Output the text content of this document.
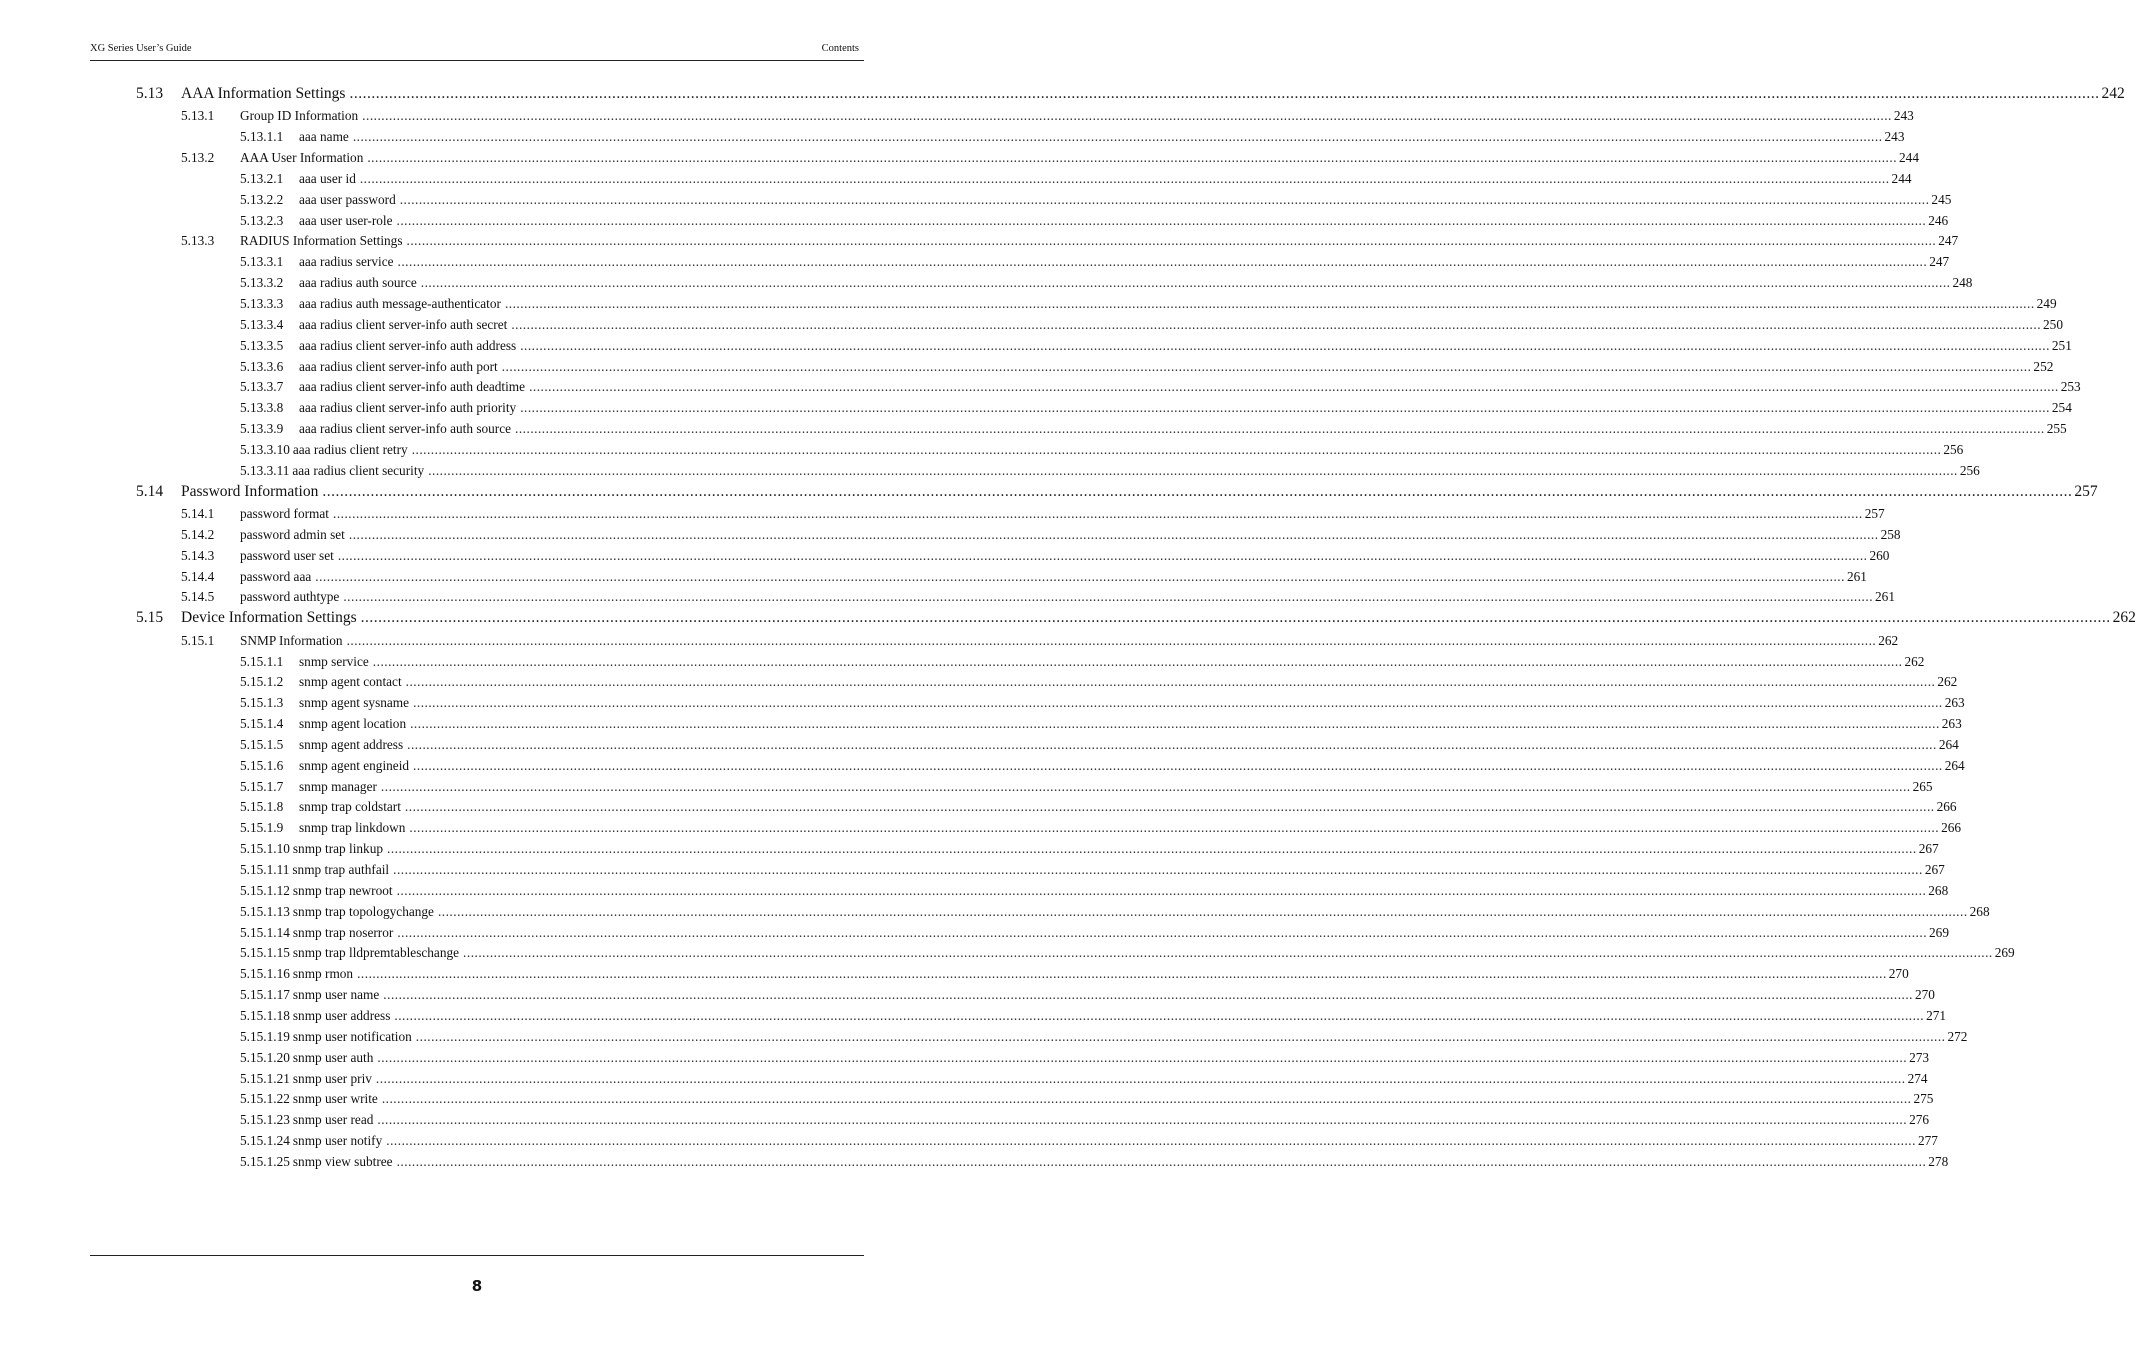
XG Series User’s Guide	Contents
5.13	AAA Information Settings ................................................................................................................................................................................................................................................................................................................................................................................................................ 242
5.13.1	Group ID Information ................................................................................................................................................................................................................................................................................................................................................................................................................ 243
5.13.1.1	aaa name ................................................................................................................................................................................................................................................................................................................................................................................................................ 243
5.13.2	AAA User Information ................................................................................................................................................................................................................................................................................................................................................................................................................ 244
5.13.2.1	aaa user id ................................................................................................................................................................................................................................................................................................................................................................................................................ 244
5.13.2.2	aaa user password ................................................................................................................................................................................................................................................................................................................................................................................................................ 245
5.13.2.3	aaa user user-role ................................................................................................................................................................................................................................................................................................................................................................................................................ 246
5.13.3	RADIUS Information Settings ................................................................................................................................................................................................................................................................................................................................................................................................................ 247
5.13.3.1	aaa radius service ................................................................................................................................................................................................................................................................................................................................................................................................................ 247
5.13.3.2	aaa radius auth source ................................................................................................................................................................................................................................................................................................................................................................................................................ 248
5.13.3.3	aaa radius auth message-authenticator ................................................................................................................................................................................................................................................................................................................................................................................................................ 249
5.13.3.4	aaa radius client server-info auth secret ................................................................................................................................................................................................................................................................................................................................................................................................................ 250
5.13.3.5	aaa radius client server-info auth address ................................................................................................................................................................................................................................................................................................................................................................................................................ 251
5.13.3.6	aaa radius client server-info auth port ................................................................................................................................................................................................................................................................................................................................................................................................................ 252
5.13.3.7	aaa radius client server-info auth deadtime ................................................................................................................................................................................................................................................................................................................................................................................................................ 253
5.13.3.8	aaa radius client server-info auth priority ................................................................................................................................................................................................................................................................................................................................................................................................................ 254
5.13.3.9	aaa radius client server-info auth source ................................................................................................................................................................................................................................................................................................................................................................................................................ 255
5.13.3.10 aaa radius client retry ................................................................................................................................................................................................................................................................................................................................................................................................................ 256
5.13.3.11 aaa radius client security ................................................................................................................................................................................................................................................................................................................................................................................................................ 256
5.14	Password Information ................................................................................................................................................................................................................................................................................................................................................................................................................ 257
5.14.1	password format ................................................................................................................................................................................................................................................................................................................................................................................................................ 257
5.14.2	password admin set ................................................................................................................................................................................................................................................................................................................................................................................................................ 258
5.14.3	password user set ................................................................................................................................................................................................................................................................................................................................................................................................................ 260
5.14.4	password aaa ................................................................................................................................................................................................................................................................................................................................................................................................................ 261
5.14.5	password authtype ................................................................................................................................................................................................................................................................................................................................................................................................................ 261
5.15	Device Information Settings ................................................................................................................................................................................................................................................................................................................................................................................................................ 262
5.15.1	SNMP Information ................................................................................................................................................................................................................................................................................................................................................................................................................ 262
5.15.1.1	snmp service ................................................................................................................................................................................................................................................................................................................................................................................................................ 262
5.15.1.2	snmp agent contact ................................................................................................................................................................................................................................................................................................................................................................................................................ 262
5.15.1.3	snmp agent sysname ................................................................................................................................................................................................................................................................................................................................................................................................................ 263
5.15.1.4	snmp agent location ................................................................................................................................................................................................................................................................................................................................................................................................................ 263
5.15.1.5	snmp agent address ................................................................................................................................................................................................................................................................................................................................................................................................................ 264
5.15.1.6	snmp agent engineid ................................................................................................................................................................................................................................................................................................................................................................................................................ 264
5.15.1.7	snmp manager ................................................................................................................................................................................................................................................................................................................................................................................................................ 265
5.15.1.8	snmp trap coldstart ................................................................................................................................................................................................................................................................................................................................................................................................................ 266
5.15.1.9	snmp trap linkdown ................................................................................................................................................................................................................................................................................................................................................................................................................ 266
5.15.1.10 snmp trap linkup ................................................................................................................................................................................................................................................................................................................................................................................................................ 267
5.15.1.11 snmp trap authfail ................................................................................................................................................................................................................................................................................................................................................................................................................ 267
5.15.1.12 snmp trap newroot ................................................................................................................................................................................................................................................................................................................................................................................................................ 268
5.15.1.13 snmp trap topologychange ................................................................................................................................................................................................................................................................................................................................................................................................................ 268
5.15.1.14 snmp trap noserror ................................................................................................................................................................................................................................................................................................................................................................................................................ 269
5.15.1.15 snmp trap lldpremtableschange ................................................................................................................................................................................................................................................................................................................................................................................................................ 269
5.15.1.16 snmp rmon ................................................................................................................................................................................................................................................................................................................................................................................................................ 270
5.15.1.17 snmp user name ................................................................................................................................................................................................................................................................................................................................................................................................................ 270
5.15.1.18 snmp user address ................................................................................................................................................................................................................................................................................................................................................................................................................ 271
5.15.1.19 snmp user notification ................................................................................................................................................................................................................................................................................................................................................................................................................ 272
5.15.1.20 snmp user auth ................................................................................................................................................................................................................................................................................................................................................................................................................ 273
5.15.1.21 snmp user priv ................................................................................................................................................................................................................................................................................................................................................................................................................ 274
5.15.1.22 snmp user write ................................................................................................................................................................................................................................................................................................................................................................................................................ 275
5.15.1.23 snmp user read ................................................................................................................................................................................................................................................................................................................................................................................................................ 276
5.15.1.24 snmp user notify ................................................................................................................................................................................................................................................................................................................................................................................................................ 277
5.15.1.25 snmp view subtree ................................................................................................................................................................................................................................................................................................................................................................................................................ 278
8
